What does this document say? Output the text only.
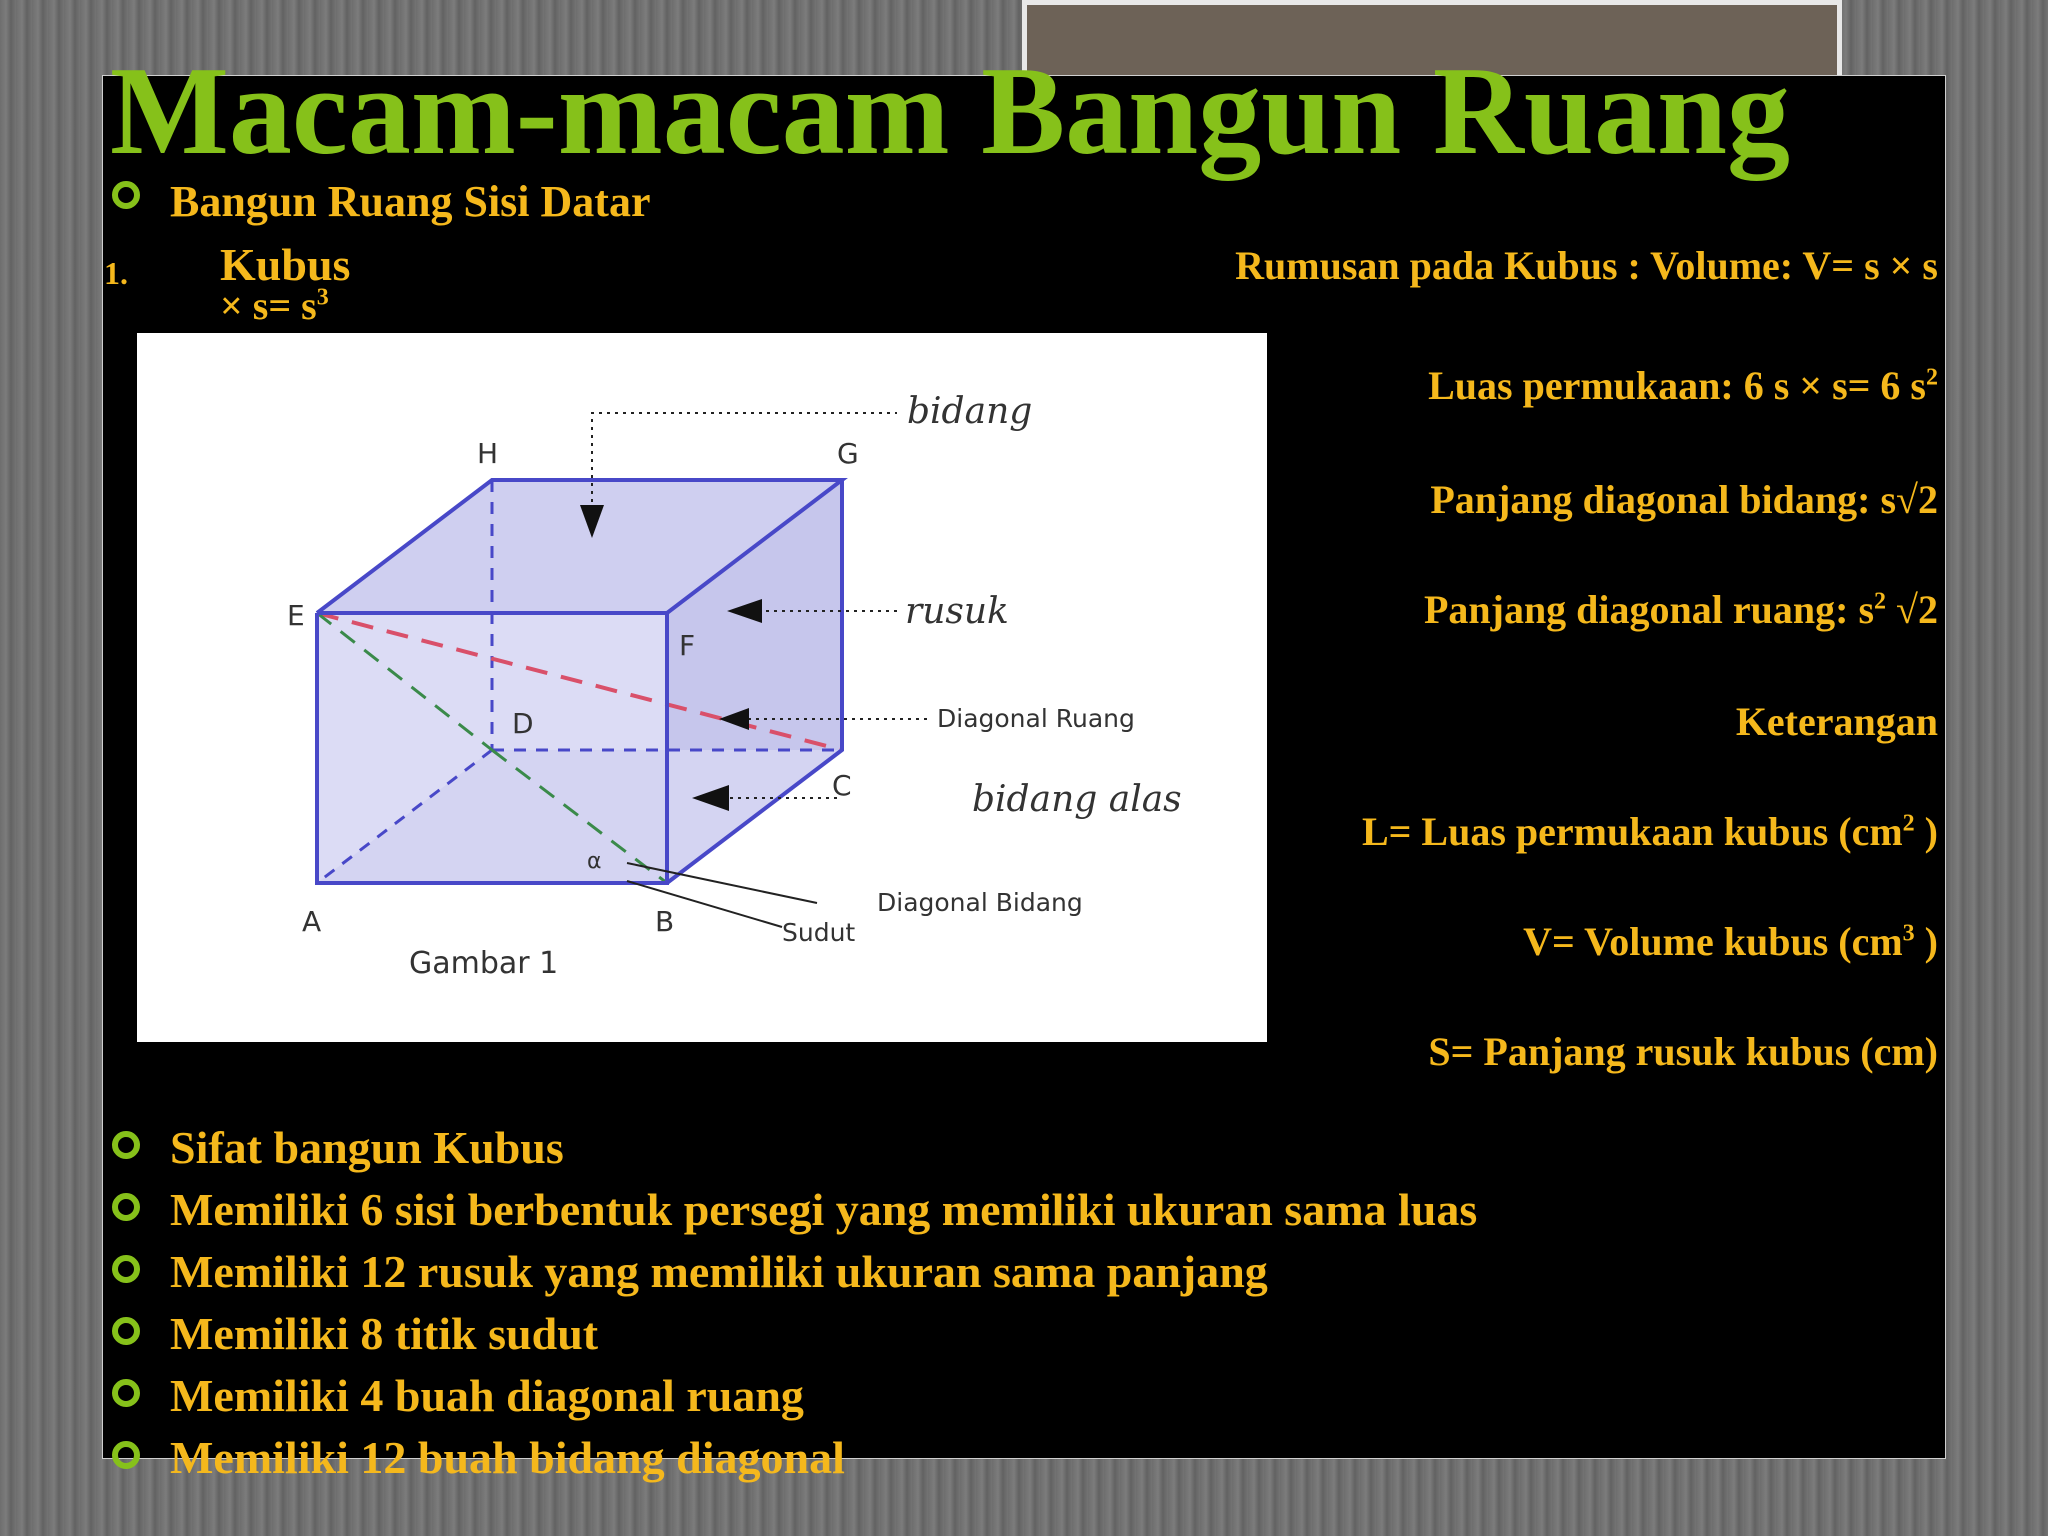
Macam-macam Bangun Ruang
Bangun Ruang Sisi Datar
1. Kubus
× $s= s^3$
Rumusan pada Kubus : Volume: V= s × s
Luas permukaan: 6 s × s= 6 $s^2$
Panjang diagonal bidang: s√2
Panjang diagonal ruang: $s^2$ √2
Keterangan
L= Luas permukaan kubus ($cm^2$ )
V= Volume kubus ($cm^3$ )
S= Panjang rusuk kubus (cm)
H	G
E
F
D
C
A	B
bidang
rusuk
bidang alas
Diagonal Ruang
Diagonal Bidang
Sudut
α
Gambar 1
Sifat bangun Kubus
Memiliki 6 sisi berbentuk persegi yang memiliki ukuran sama luas
Memiliki 12 rusuk yang memiliki ukuran sama panjang
Memiliki 8 titik sudut
Memiliki 4 buah diagonal ruang
Memiliki 12 buah bidang diagonal
